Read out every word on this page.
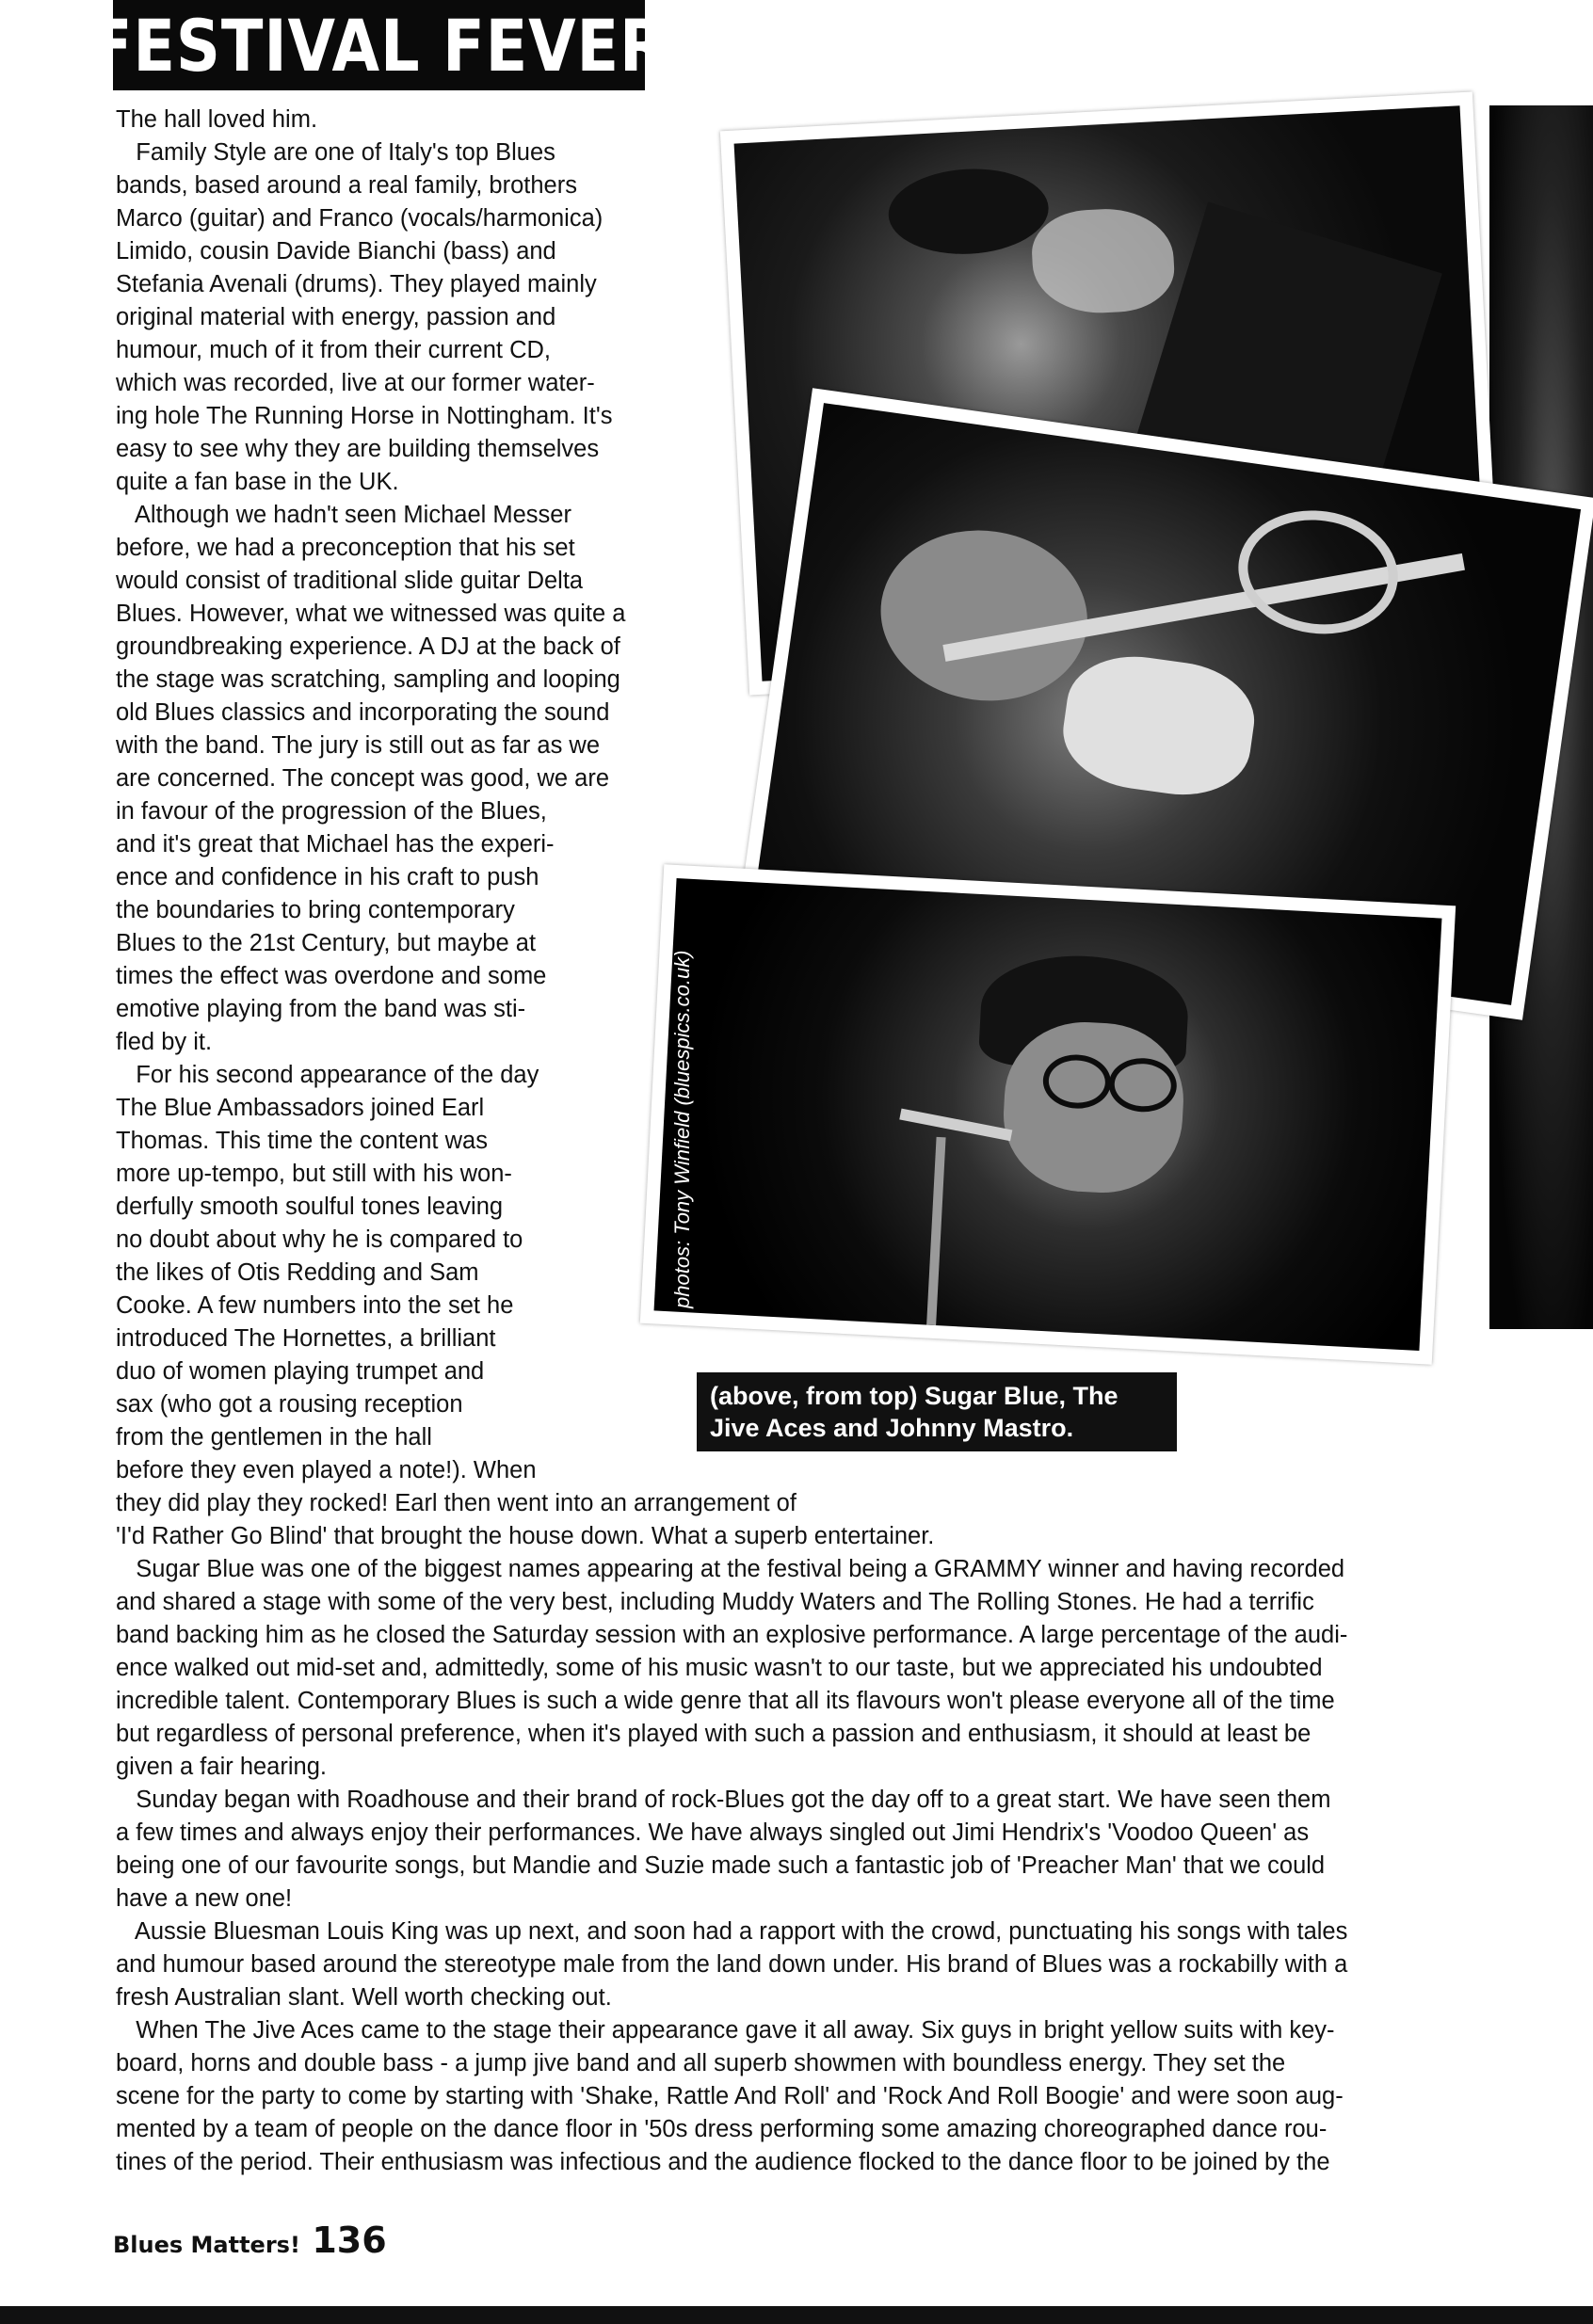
FESTIVAL FEVER
photos: Tony Winfield (bluespics.co.uk)
(above, from top) Sugar Blue, The
Jive Aces and Johnny Mastro.

The hall loved him.

Family Style are one of Italy's top Blues
bands, based around a real family, brothers
Marco (guitar) and Franco (vocals/harmonica)
Limido, cousin Davide Bianchi (bass) and
Stefania Avenali (drums). They played mainly
original material with energy, passion and
humour, much of it from their current CD,
which was recorded, live at our former water-
ing hole The Running Horse in Nottingham. It's
easy to see why they are building themselves
quite a fan base in the UK.

Although we hadn't seen Michael Messer
before, we had a preconception that his set
would consist of traditional slide guitar Delta
Blues. However, what we witnessed was quite a
groundbreaking experience. A DJ at the back of
the stage was scratching, sampling and looping
old Blues classics and incorporating the sound
with the band. The jury is still out as far as we
are concerned. The concept was good, we are
in favour of the progression of the Blues,
and it's great that Michael has the experi-
ence and confidence in his craft to push
the boundaries to bring contemporary
Blues to the 21st Century, but maybe at
times the effect was overdone and some
emotive playing from the band was sti-
fled by it.

For his second appearance of the day
The Blue Ambassadors joined Earl
Thomas. This time the content was
more up-tempo, but still with his won-
derfully smooth soulful tones leaving
no doubt about why he is compared to
the likes of Otis Redding and Sam
Cooke. A few numbers into the set he
introduced The Hornettes, a brilliant
duo of women playing trumpet and
sax (who got a rousing reception
from the gentlemen in the hall
before they even played a note!). When
they did play they rocked! Earl then went into an arrangement of
'I'd Rather Go Blind' that brought the house down. What a superb entertainer.

Sugar Blue was one of the biggest names appearing at the festival being a GRAMMY winner and having recorded
and shared a stage with some of the very best, including Muddy Waters and The Rolling Stones. He had a terrific
band backing him as he closed the Saturday session with an explosive performance. A large percentage of the audi-
ence walked out mid-set and, admittedly, some of his music wasn't to our taste, but we appreciated his undoubted
incredible talent. Contemporary Blues is such a wide genre that all its flavours won't please everyone all of the time
but regardless of personal preference, when it's played with such a passion and enthusiasm, it should at least be
given a fair hearing.

Sunday began with Roadhouse and their brand of rock-Blues got the day off to a great start. We have seen them
a few times and always enjoy their performances. We have always singled out Jimi Hendrix's 'Voodoo Queen' as
being one of our favourite songs, but Mandie and Suzie made such a fantastic job of 'Preacher Man' that we could
have a new one!

Aussie Bluesman Louis King was up next, and soon had a rapport with the crowd, punctuating his songs with tales
and humour based around the stereotype male from the land down under. His brand of Blues was a rockabilly with a
fresh Australian slant. Well worth checking out.

When The Jive Aces came to the stage their appearance gave it all away. Six guys in bright yellow suits with key-
board, horns and double bass - a jump jive band and all superb showmen with boundless energy. They set the
scene for the party to come by starting with 'Shake, Rattle And Roll' and 'Rock And Roll Boogie' and were soon aug-
mented by a team of people on the dance floor in '50s dress performing some amazing choreographed dance rou-
tines of the period. Their enthusiasm was infectious and the audience flocked to the dance floor to be joined by the

Blues Matters! 136
